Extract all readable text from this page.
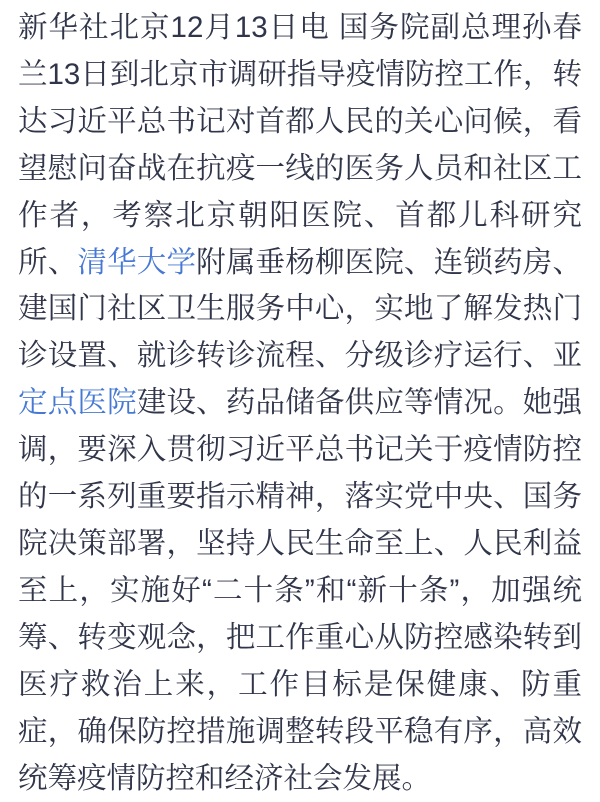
新华社北京12月13日电 国务院副总理孙春
兰13日到北京市调研指导疫情防控工作，转
达习近平总书记对首都人民的关心问候，看
望慰问奋战在抗疫一线的医务人员和社区工
作者，考察北京朝阳医院、首都儿科研究
所、清华大学附属垂杨柳医院、连锁药房、
建国门社区卫生服务中心，实地了解发热门
诊设置、就诊转诊流程、分级诊疗运行、亚
定点医院建设、药品储备供应等情况。她强
调，要深入贯彻习近平总书记关于疫情防控
的一系列重要指示精神，落实党中央、国务
院决策部署，坚持人民生命至上、人民利益
至上，实施好“二十条”和“新十条”，加强统
筹、转变观念，把工作重心从防控感染转到
医疗救治上来，工作目标是保健康、防重
症，确保防控措施调整转段平稳有序，高效
统筹疫情防控和经济社会发展。
